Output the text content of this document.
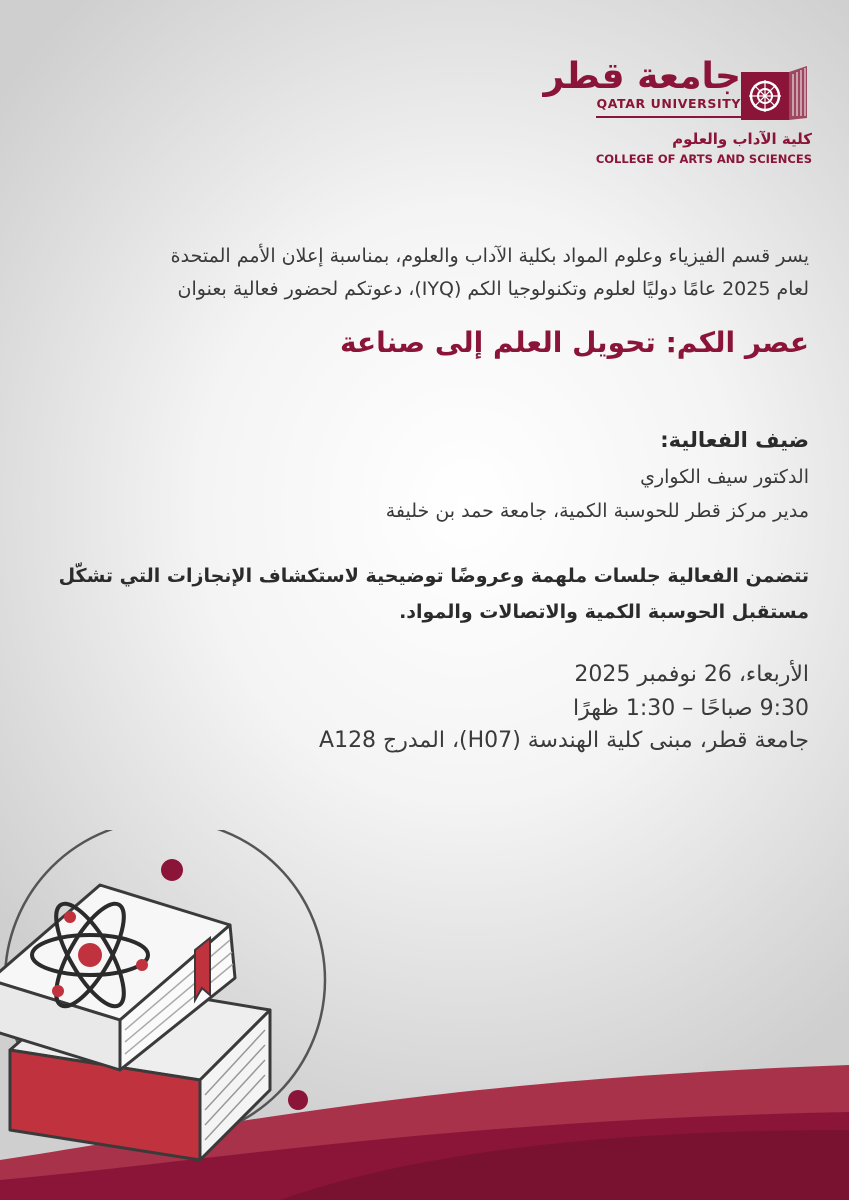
جامعة قطر
QATAR UNIVERSITY
كلية الآداب والعلوم
COLLEGE OF ARTS AND SCIENCES
يسر قسم الفيزياء وعلوم المواد بكلية الآداب والعلوم، بمناسبة إعلان الأمم المتحدة
لعام 2025 عامًا دوليًا لعلوم وتكنولوجيا الكم (IYQ)، دعوتكم لحضور فعالية بعنوان
عصر الكم: تحويل العلم إلى صناعة
ضيف الفعالية:
الدكتور سيف الكواري
مدير مركز قطر للحوسبة الكمية، جامعة حمد بن خليفة
تتضمن الفعالية جلسات ملهمة وعروضًا توضيحية لاستكشاف الإنجازات التي تشكّل
مستقبل الحوسبة الكمية والاتصالات والمواد.
الأربعاء، 26 نوفمبر 2025
9:30 صباحًا – 1:30 ظهرًا
جامعة قطر، مبنى كلية الهندسة (H07)، المدرج A128
